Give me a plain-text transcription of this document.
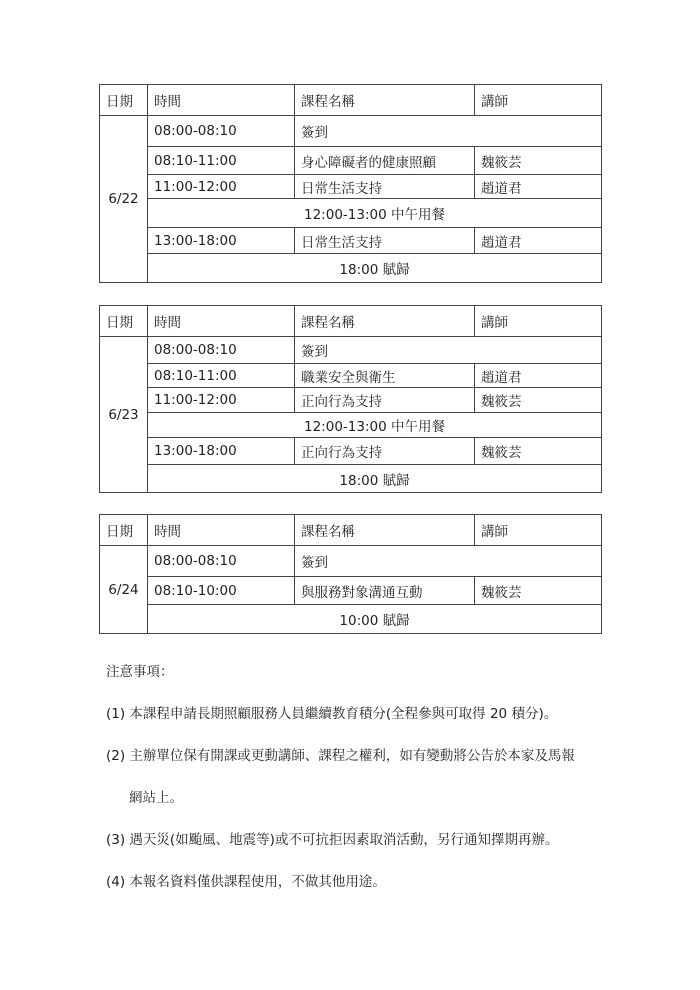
日期	時間	課程名稱	講師
6/22	08:00-08:10	簽到	
	08:10-11:00	身心障礙者的健康照顧	魏筱芸
	11:00-12:00	日常生活支持	趙道君
	12:00-13:00 中午用餐		
	13:00-18:00	日常生活支持	趙道君
	18:00 賦歸		
日期	時間	課程名稱	講師
6/23	08:00-08:10	簽到	
	08:10-11:00	職業安全與衛生	趙道君
	11:00-12:00	正向行為支持	魏筱芸
	12:00-13:00 中午用餐		
	13:00-18:00	正向行為支持	魏筱芸
	18:00 賦歸		
日期	時間	課程名稱	講師
6/24	08:00-08:10	簽到	
	08:10-10:00	與服務對象溝通互動	魏筱芸
	10:00 賦歸		
注意事項：
(1) 本課程申請長期照顧服務人員繼續教育積分(全程參與可取得 20 積分)。
(2) 主辦單位保有開課或更動講師、課程之權利，如有變動將公告於本家及馬報
網站上。
(3) 遇天災(如颱風、地震等)或不可抗拒因素取消活動，另行通知擇期再辦。
(4) 本報名資料僅供課程使用，不做其他用途。
